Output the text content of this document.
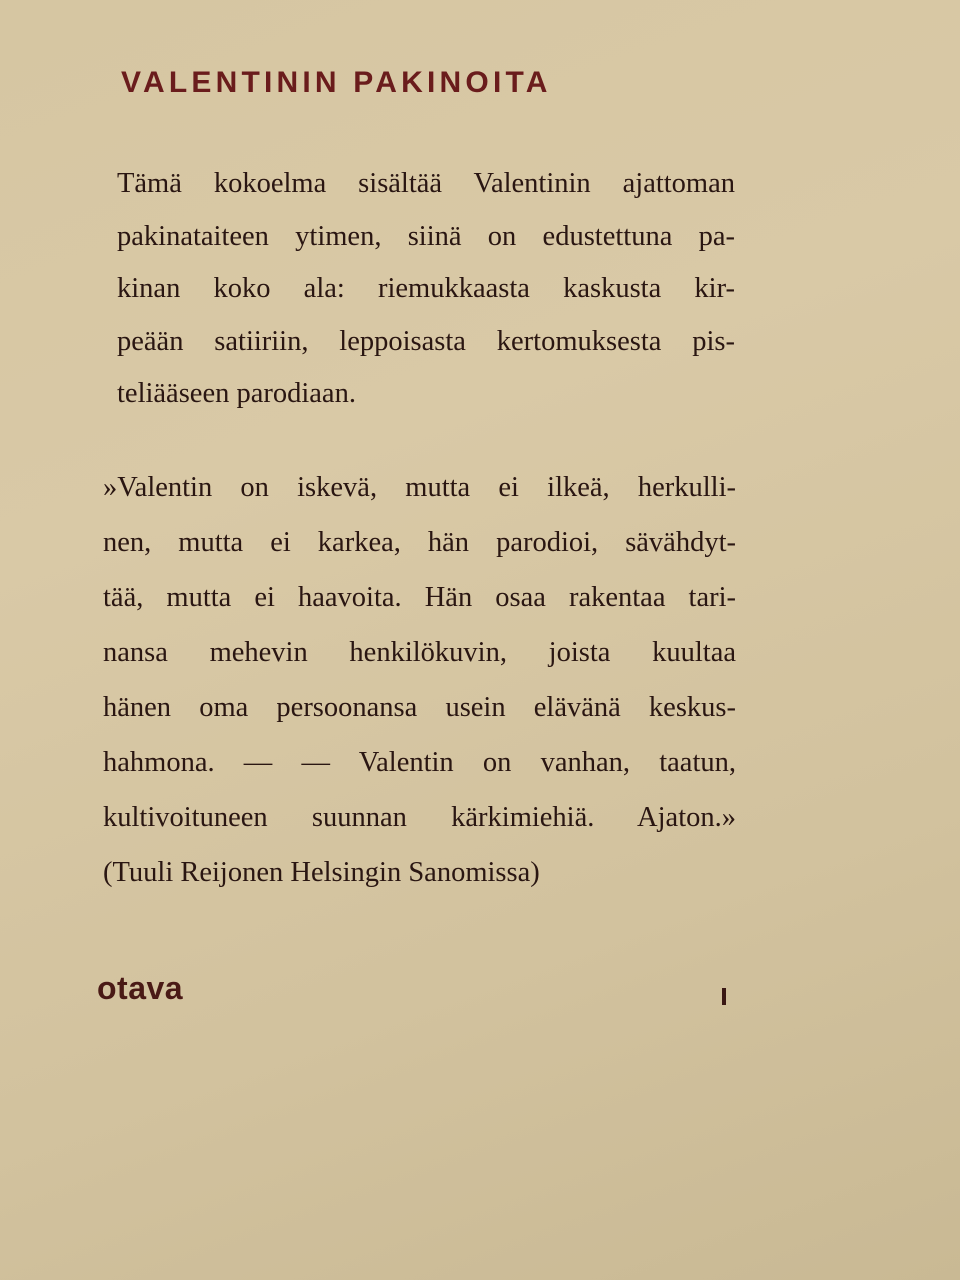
VALENTININ PAKINOITA
Tämä kokoelma sisältää Valentinin ajattoman
pakinataiteen ytimen, siinä on edustettuna pa-
kinan koko ala: riemukkaasta kaskusta kir-
peään satiiriin, leppoisasta kertomuksesta pis-
teliääseen parodiaan.
»Valentin on iskevä, mutta ei ilkeä, herkulli-
nen, mutta ei karkea, hän parodioi, sävähdyt-
tää, mutta ei haavoita. Hän osaa rakentaa tari-
nansa mehevin henkilökuvin, joista kuultaa
hänen oma persoonansa usein elävänä keskus-
hahmona. — — Valentin on vanhan, taatun,
kultivoituneen suunnan kärkimiehiä. Ajaton.»
(Tuuli Reijonen Helsingin Sanomissa)
otava
